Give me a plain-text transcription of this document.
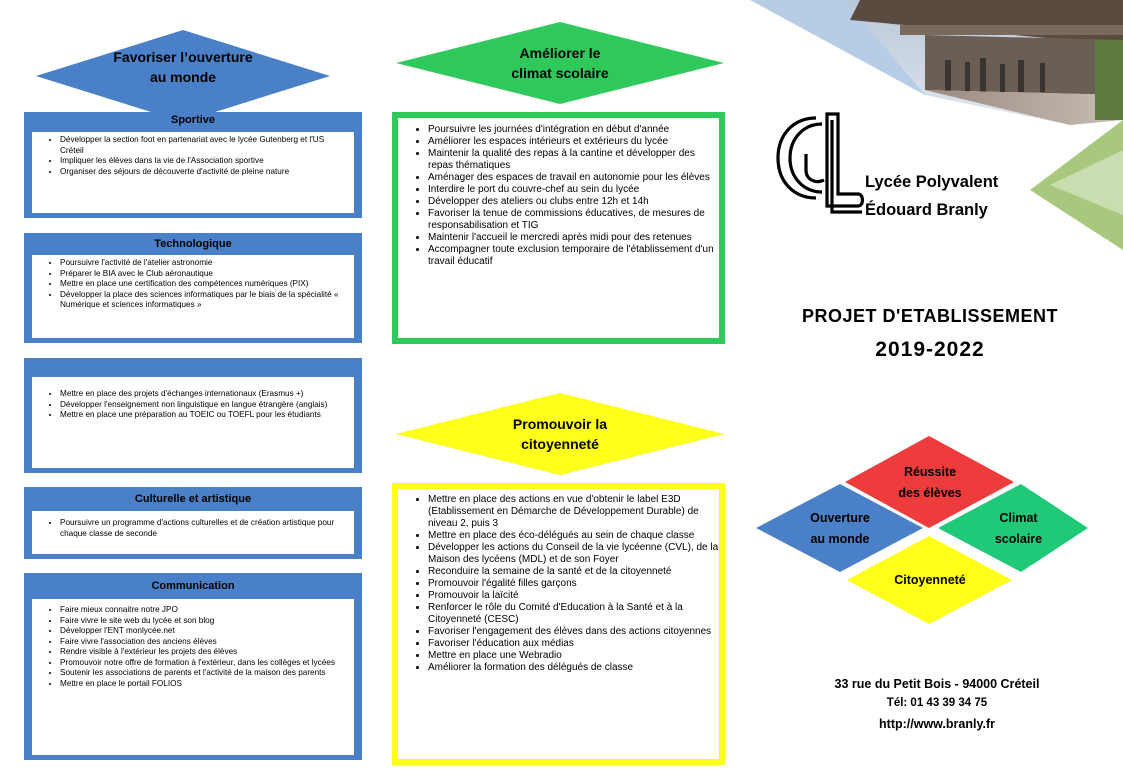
Favoriser l’ouverture
au monde
Sportive
• Développer la section foot en partenariat avec le lycée Gutenberg et l'US Créteil
• Impliquer les élèves dans la vie de l'Association sportive
• Organiser des séjours de découverte d'activité de pleine nature
Technologique
• Poursuivre l'activité de l'atelier astronomie
• Préparer le BIA avec le Club aéronautique
• Mettre en place une certification des compétences numériques (PIX)
• Développer la place des sciences informatiques par le biais de la spécialité « Numérique et sciences informatiques »
• Mettre en place des projets d'échanges internationaux (Erasmus +)
• Développer l'enseignement non linguistique en langue étrangère (anglais)
• Mettre en place une préparation au TOEIC ou TOEFL pour les étudiants
Culturelle et artistique
• Poursuivre un programme d'actions culturelles et de création artistique pour chaque classe de seconde
Communication
• Faire mieux connaitre notre JPO
• Faire vivre le site web du lycée et son blog
• Développer l'ENT monlycée.net
• Faire vivre l'association des anciens élèves
• Rendre visible à l'extérieur les projets des élèves
• Promouvoir notre offre de formation à l'extérieur, dans les collèges et lycées
• Soutenir les associations de parents et l'activité de la maison des parents
• Mettre en place le portail FOLIOS
Améliorer le
climat scolaire
• Poursuivre les journées d'intégration en début d'année
• Améliorer les espaces intérieurs et extérieurs du lycée
• Maintenir la qualité des repas à la cantine et développer des repas thématiques
• Aménager des espaces de travail en autonomie pour les élèves
• Interdire le port du couvre-chef au sein du lycée
• Développer des ateliers ou clubs entre 12h et 14h
• Favoriser la tenue de commissions éducatives, de mesures de responsabilisation et TIG
• Maintenir l'accueil le mercredi après midi pour des retenues
• Accompagner toute exclusion temporaire de l'établissement d'un travail éducatif
Promouvoir la
citoyenneté
• Mettre en place des actions en vue d'obtenir le label E3D (Etablissement en Démarche de Développement Durable) de niveau 2, puis 3
• Mettre en place des éco-délégués au sein de chaque classe
• Développer les actions du Conseil de la vie lycéenne (CVL), de la Maison des lycéens (MDL) et de son Foyer
• Reconduire la semaine de la santé et de la citoyenneté
• Promouvoir l'égalité filles garçons
• Promouvoir la laïcité
• Renforcer le rôle du Comité d'Education à la Santé et à la Citoyenneté (CESC)
• Favoriser l'engagement des élèves dans des actions citoyennes
• Favoriser l'éducation aux médias
• Mettre en place une Webradio
• Améliorer la formation des délégués de classe
Lycée Polyvalent
Édouard Branly
PROJET D'ETABLISSEMENT
2019-2022
Réussite
des élèves
Ouverture
au monde
Climat
scolaire
Citoyenneté
33 rue du Petit Bois - 94000 Créteil
Tél: 01 43 39 34 75
http://www.branly.fr
